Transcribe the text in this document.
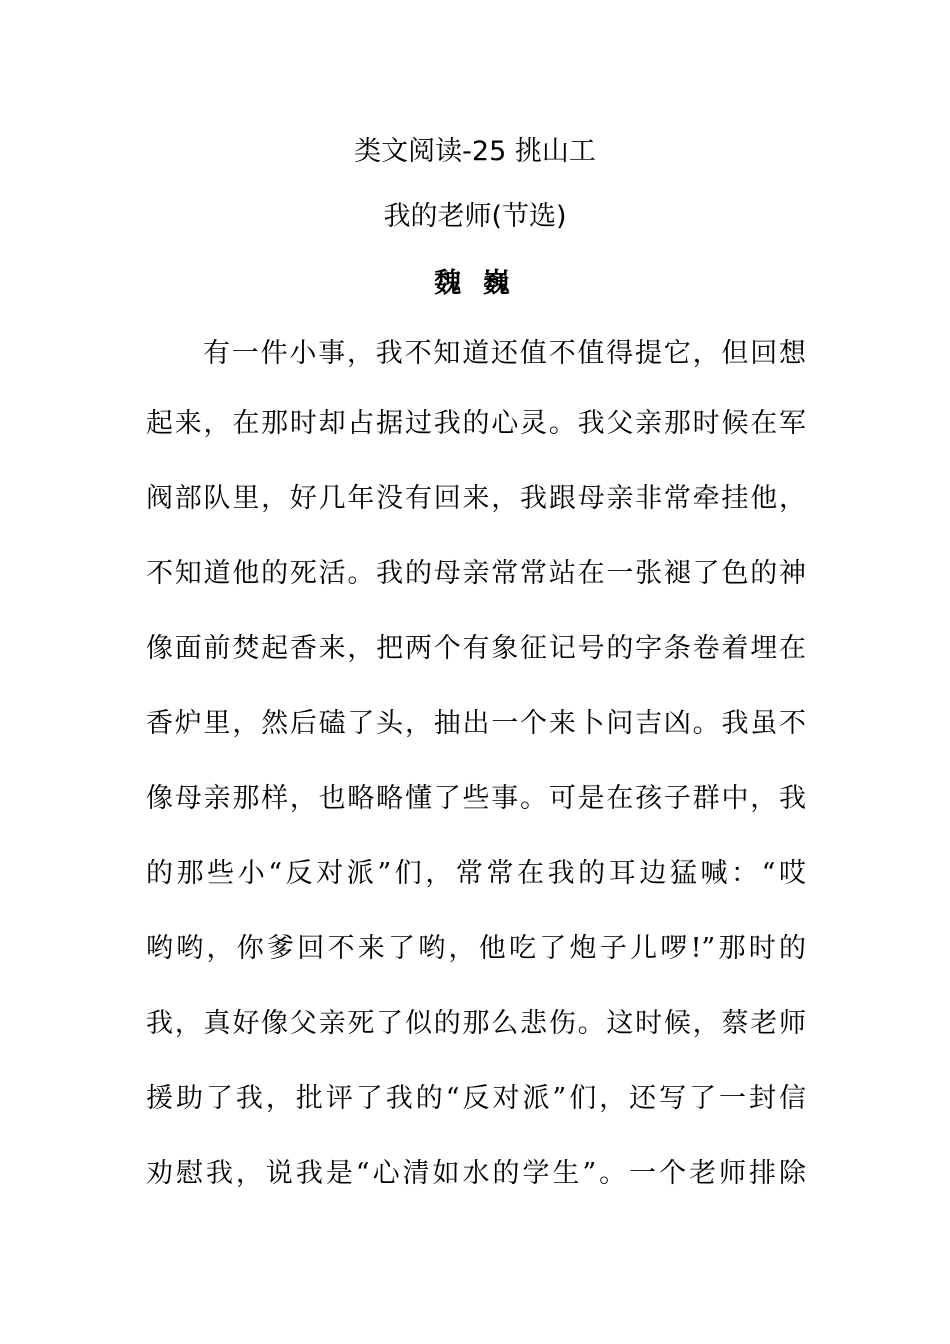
类文阅读-25 挑山工
我的老师(节选)
魏 巍
有一件小事，我不知道还值不值得提它，但回想
起来，在那时却占据过我的心灵。我父亲那时候在军
阀部队里，好几年没有回来，我跟母亲非常牵挂他，
不知道他的死活。我的母亲常常站在一张褪了色的神
像面前焚起香来，把两个有象征记号的字条卷着埋在
香炉里，然后磕了头，抽出一个来卜问吉凶。我虽不
像母亲那样，也略略懂了些事。可是在孩子群中，我
的那些小“反对派”们，常常在我的耳边猛喊：“哎
哟哟，你爹回不来了哟，他吃了炮子儿啰!”那时的
我，真好像父亲死了似的那么悲伤。这时候，蔡老师
援助了我，批评了我的“反对派”们，还写了一封信
劝慰我，说我是“心清如水的学生”。一个老师排除
